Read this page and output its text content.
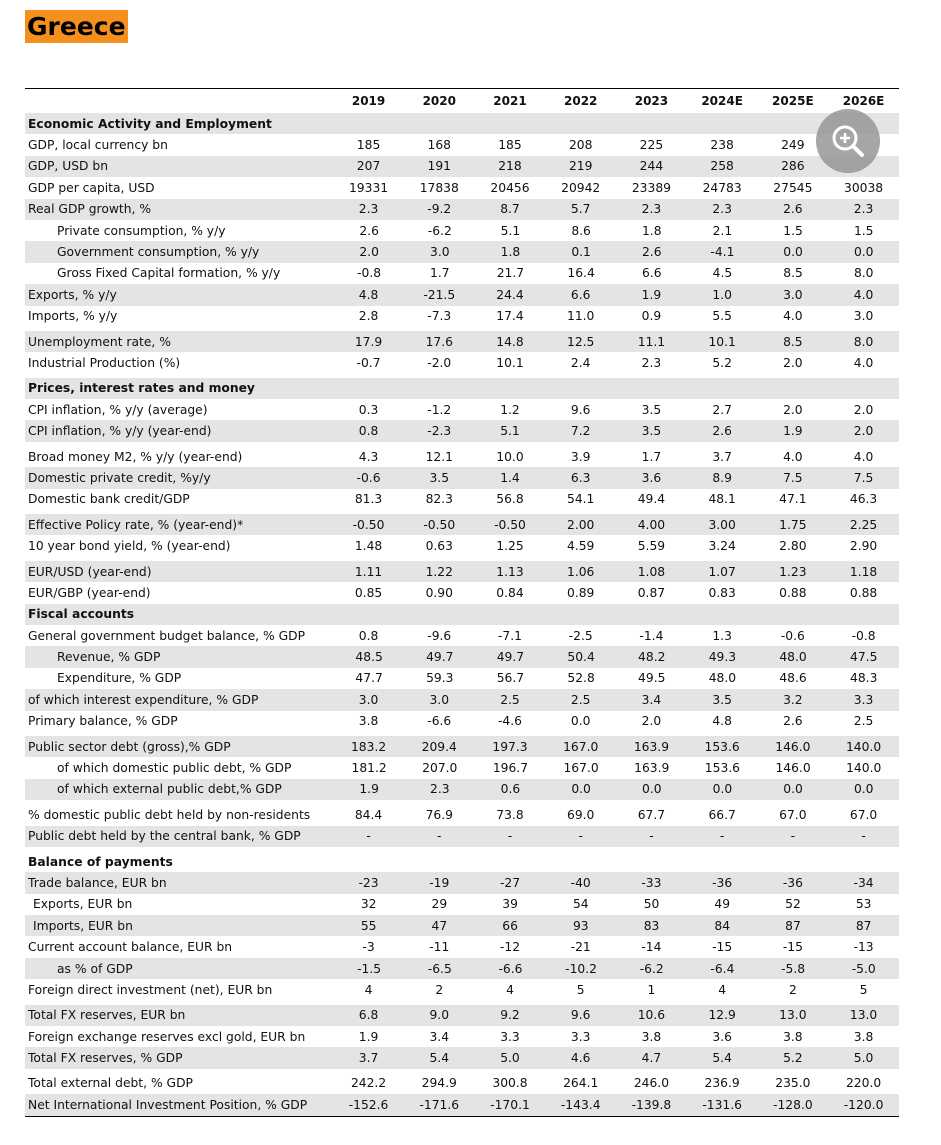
Greece
2019	2020	2021	2022	2023	2024E	2025E	2026E
Economic Activity and Employment
GDP, local currency bn	185	168	185	208	225	238	249
GDP, USD bn	207	191	218	219	244	258	286
GDP per capita, USD	19331	17838	20456	20942	23389	24783	27545	30038
Real GDP growth, %	2.3	-9.2	8.7	5.7	2.3	2.3	2.6	2.3
Private consumption, % y/y	2.6	-6.2	5.1	8.6	1.8	2.1	1.5	1.5
Government consumption, % y/y	2.0	3.0	1.8	0.1	2.6	-4.1	0.0	0.0
Gross Fixed Capital formation, % y/y	-0.8	1.7	21.7	16.4	6.6	4.5	8.5	8.0
Exports, % y/y	4.8	-21.5	24.4	6.6	1.9	1.0	3.0	4.0
Imports, % y/y	2.8	-7.3	17.4	11.0	0.9	5.5	4.0	3.0
Unemployment rate, %	17.9	17.6	14.8	12.5	11.1	10.1	8.5	8.0
Industrial Production (%)	-0.7	-2.0	10.1	2.4	2.3	5.2	2.0	4.0
Prices, interest rates and money
CPI inflation, % y/y (average)	0.3	-1.2	1.2	9.6	3.5	2.7	2.0	2.0
CPI inflation, % y/y (year-end)	0.8	-2.3	5.1	7.2	3.5	2.6	1.9	2.0
Broad money M2, % y/y (year-end)	4.3	12.1	10.0	3.9	1.7	3.7	4.0	4.0
Domestic private credit, %y/y	-0.6	3.5	1.4	6.3	3.6	8.9	7.5	7.5
Domestic bank credit/GDP	81.3	82.3	56.8	54.1	49.4	48.1	47.1	46.3
Effective Policy rate, % (year-end)*	-0.50	-0.50	-0.50	2.00	4.00	3.00	1.75	2.25
10 year bond yield, % (year-end)	1.48	0.63	1.25	4.59	5.59	3.24	2.80	2.90
EUR/USD (year-end)	1.11	1.22	1.13	1.06	1.08	1.07	1.23	1.18
EUR/GBP (year-end)	0.85	0.90	0.84	0.89	0.87	0.83	0.88	0.88
Fiscal accounts
General government budget balance, % GDP	0.8	-9.6	-7.1	-2.5	-1.4	1.3	-0.6	-0.8
Revenue, % GDP	48.5	49.7	49.7	50.4	48.2	49.3	48.0	47.5
Expenditure, % GDP	47.7	59.3	56.7	52.8	49.5	48.0	48.6	48.3
of which interest expenditure, % GDP	3.0	3.0	2.5	2.5	3.4	3.5	3.2	3.3
Primary balance, % GDP	3.8	-6.6	-4.6	0.0	2.0	4.8	2.6	2.5
Public sector debt (gross),% GDP	183.2	209.4	197.3	167.0	163.9	153.6	146.0	140.0
of which domestic public debt, % GDP	181.2	207.0	196.7	167.0	163.9	153.6	146.0	140.0
of which external public debt,% GDP	1.9	2.3	0.6	0.0	0.0	0.0	0.0	0.0
% domestic public debt held by non-residents	84.4	76.9	73.8	69.0	67.7	66.7	67.0	67.0
Public debt held by the central bank, % GDP	-	-	-	-	-	-	-	-
Balance of payments
Trade balance, EUR bn	-23	-19	-27	-40	-33	-36	-36	-34
Exports, EUR bn	32	29	39	54	50	49	52	53
Imports, EUR bn	55	47	66	93	83	84	87	87
Current account balance, EUR bn	-3	-11	-12	-21	-14	-15	-15	-13
as % of GDP	-1.5	-6.5	-6.6	-10.2	-6.2	-6.4	-5.8	-5.0
Foreign direct investment (net), EUR bn	4	2	4	5	1	4	2	5
Total FX reserves, EUR bn	6.8	9.0	9.2	9.6	10.6	12.9	13.0	13.0
Foreign exchange reserves excl gold, EUR bn	1.9	3.4	3.3	3.3	3.8	3.6	3.8	3.8
Total FX reserves, % GDP	3.7	5.4	5.0	4.6	4.7	5.4	5.2	5.0
Total external debt, % GDP	242.2	294.9	300.8	264.1	246.0	236.9	235.0	220.0
Net International Investment Position, % GDP	-152.6	-171.6	-170.1	-143.4	-139.8	-131.6	-128.0	-120.0
